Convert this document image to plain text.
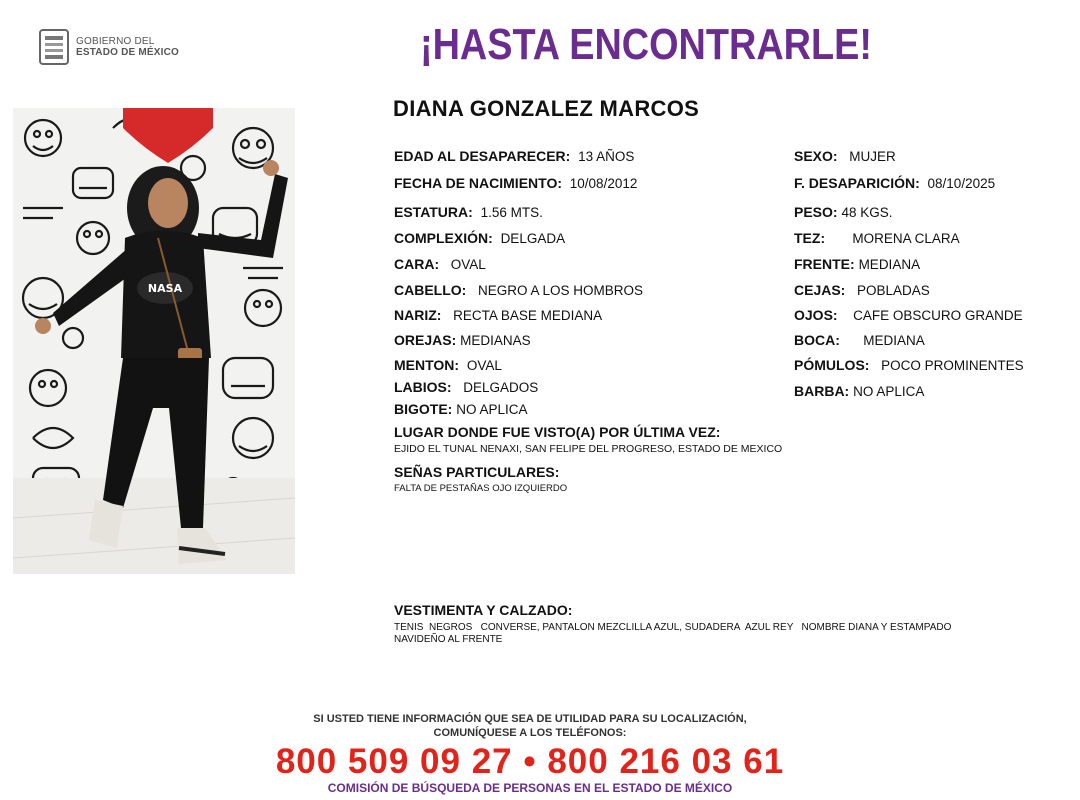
GOBIERNO DEL
ESTADO DE MÉXICO	¡HASTA ENCONTRARLE!
DIANA GONZALEZ MARCOS
NASA
EDAD AL DESAPARECER: 13 AÑOS
FECHA DE NACIMIENTO: 10/08/2012
ESTATURA: 1.56 MTS.
COMPLEXIÓN: DELGADA
CARA: OVAL
CABELLO: NEGRO A LOS HOMBROS
NARIZ: RECTA BASE MEDIANA
OREJAS: MEDIANAS
MENTON: OVAL
LABIOS: DELGADOS
BIGOTE: NO APLICA
SEXO: MUJER
F. DESAPARICIÓN: 08/10/2025
PESO: 48 KGS.
TEZ: MORENA CLARA
FRENTE: MEDIANA
CEJAS: POBLADAS
OJOS: CAFE OBSCURO GRANDE
BOCA: MEDIANA
PÓMULOS: POCO PROMINENTES
BARBA: NO APLICA
LUGAR DONDE FUE VISTO(A) POR ÚLTIMA VEZ:
EJIDO EL TUNAL NENAXI, SAN FELIPE DEL PROGRESO, ESTADO DE MEXICO
SEÑAS PARTICULARES:
FALTA DE PESTAÑAS OJO IZQUIERDO
VESTIMENTA Y CALZADO:
TENIS  NEGROS   CONVERSE, PANTALON MEZCLILLA AZUL, SUDADERA  AZUL REY   NOMBRE DIANA Y ESTAMPADO
NAVIDEÑO AL FRENTE
SI USTED TIENE INFORMACIÓN QUE SEA DE UTILIDAD PARA SU LOCALIZACIÓN,
COMUNÍQUESE A LOS TELÉFONOS:
800 509 09 27 • 800 216 03 61
COMISIÓN DE BÚSQUEDA DE PERSONAS EN EL ESTADO DE MÉXICO
